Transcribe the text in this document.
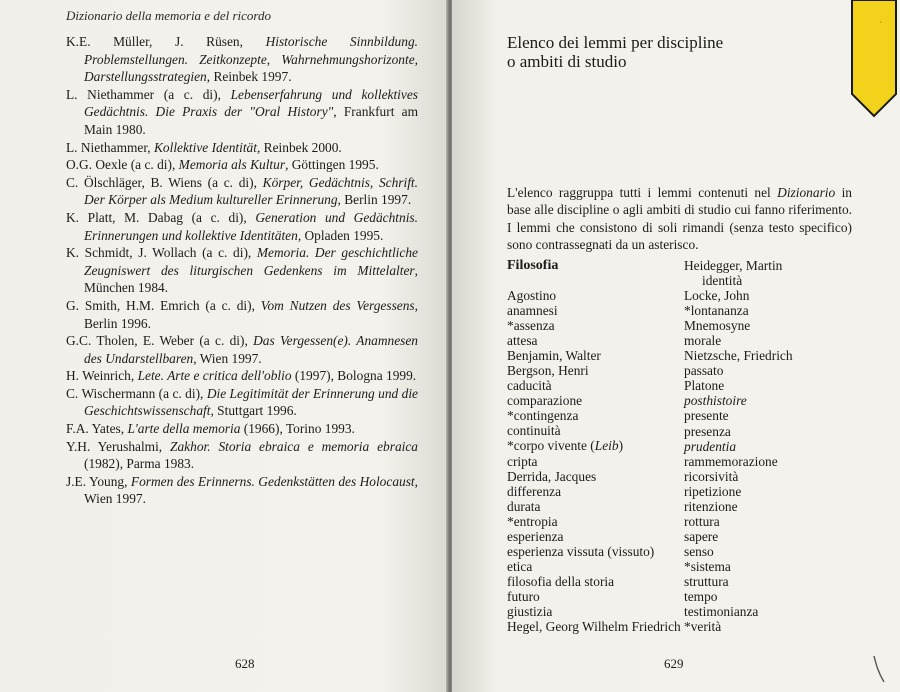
Dizionario della memoria e del ricordo
K.E. Müller, J. Rüsen, Historische Sinnbildung. Problemstellungen. Zeitkonzepte, Wahrnehmungshorizonte, Darstellungsstrategien, Reinbek 1997.
L. Niethammer (a c. di), Lebenserfahrung und kollektives Gedächtnis. Die Praxis der "Oral History", Frankfurt am Main 1980.
L. Niethammer, Kollektive Identität, Reinbek 2000.
O.G. Oexle (a c. di), Memoria als Kultur, Göttingen 1995.
C. Ölschläger, B. Wiens (a c. di), Körper, Gedächtnis, Schrift. Der Körper als Medium kultureller Erinnerung, Berlin 1997.
K. Platt, M. Dabag (a c. di), Generation und Gedächtnis. Erinnerungen und kollektive Identitäten, Opladen 1995.
K. Schmidt, J. Wollach (a c. di), Memoria. Der geschichtliche Zeugniswert des liturgischen Gedenkens im Mittelalter, München 1984.
G. Smith, H.M. Emrich (a c. di), Vom Nutzen des Vergessens, Berlin 1996.
G.C. Tholen, E. Weber (a c. di), Das Vergessen(e). Anamnesen des Undarstellbaren, Wien 1997.
H. Weinrich, Lete. Arte e critica dell'oblio (1997), Bologna 1999.
C. Wischermann (a c. di), Die Legitimität der Erinnerung und die Geschichtswissenschaft, Stuttgart 1996.
F.A. Yates, L'arte della memoria (1966), Torino 1993.
Y.H. Yerushalmi, Zakhor. Storia ebraica e memoria ebraica (1982), Parma 1983.
J.E. Young, Formen des Erinnerns. Gedenkstätten des Holocaust, Wien 1997.
628
Elenco dei lemmi per discipline
o ambiti di studio
L'elenco raggruppa tutti i lemmi contenuti nel Dizionario in base alle discipline o agli ambiti di studio cui fanno riferimento. I lemmi che consistono di soli rimandi (senza testo specifico) sono contrassegnati da un asterisco.
Filosofia
Agostino
anamnesi
*assenza
attesa
Benjamin, Walter
Bergson, Henri
caducità
comparazione
*contingenza
continuità
*corpo vivente (Leib)
cripta
Derrida, Jacques
differenza
durata
*entropia
esperienza
esperienza vissuta (vissuto)
etica
filosofia della storia
futuro
giustizia
Hegel, Georg Wilhelm Friedrich
Heidegger, Martin
identità
Locke, John
*lontananza
Mnemosyne
morale
Nietzsche, Friedrich
passato
Platone
posthistoire
presente
presenza
prudentia
rammemorazione
ricorsività
ripetizione
ritenzione
rottura
sapere
senso
*sistema
struttura
tempo
testimonianza
*verità
629
